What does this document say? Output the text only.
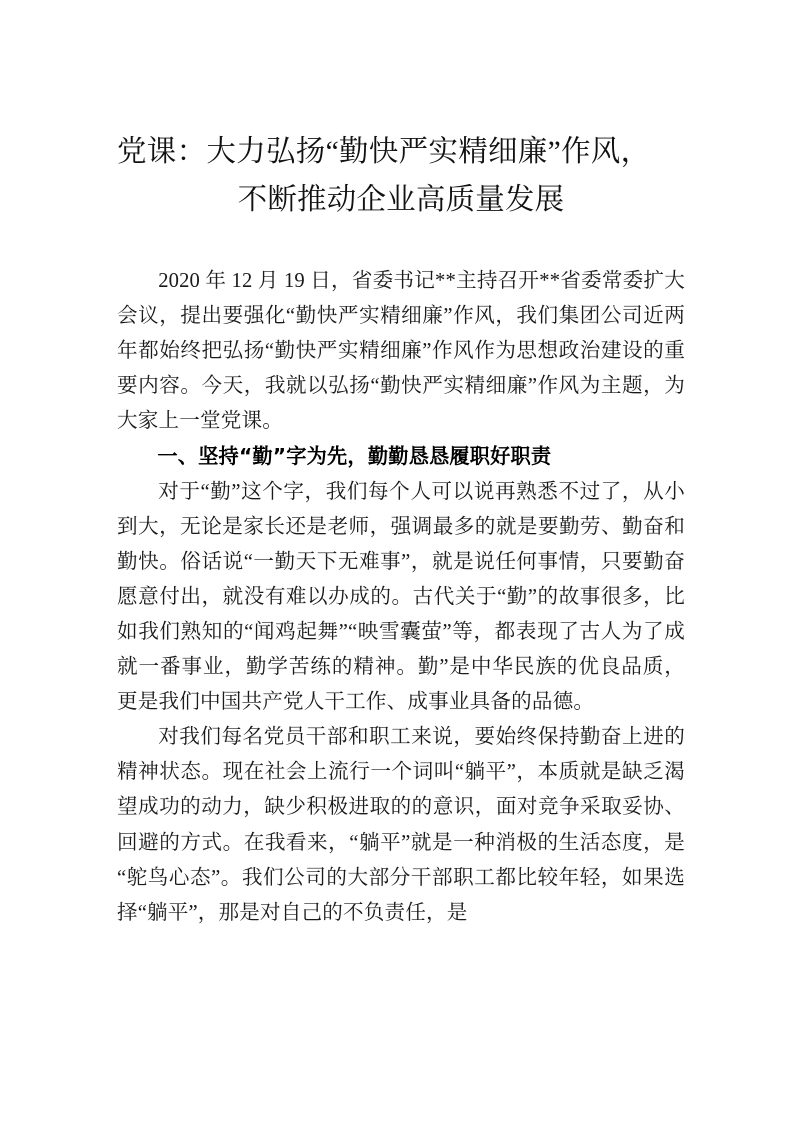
党课：大力弘扬“勤快严实精细廉”作风，
不断推动企业高质量发展

2020 年 12 月 19 日，省委书记**主持召开**省委常委扩大会议，提出要强化“勤快严实精细廉”作风，我们集团公司近两年都始终把弘扬“勤快严实精细廉”作风作为思想政治建设的重要内容。今天，我就以弘扬“勤快严实精细廉”作风为主题，为大家上一堂党课。

一、坚持“勤”字为先，勤勤恳恳履职好职责

对于“勤”这个字，我们每个人可以说再熟悉不过了，从小到大，无论是家长还是老师，强调最多的就是要勤劳、勤奋和勤快。俗话说“一勤天下无难事”，就是说任何事情，只要勤奋愿意付出，就没有难以办成的。古代关于“勤”的故事很多，比如我们熟知的“闻鸡起舞”“映雪囊萤”等，都表现了古人为了成就一番事业，勤学苦练的精神。勤”是中华民族的优良品质，更是我们中国共产党人干工作、成事业具备的品德。

对我们每名党员干部和职工来说，要始终保持勤奋上进的精神状态。现在社会上流行一个词叫“躺平”，本质就是缺乏渴望成功的动力，缺少积极进取的的意识，面对竞争采取妥协、回避的方式。在我看来，“躺平”就是一种消极的生活态度，是“鸵鸟心态”。我们公司的大部分干部职工都比较年轻，如果选择“躺平”，那是对自己的不负责任，是
